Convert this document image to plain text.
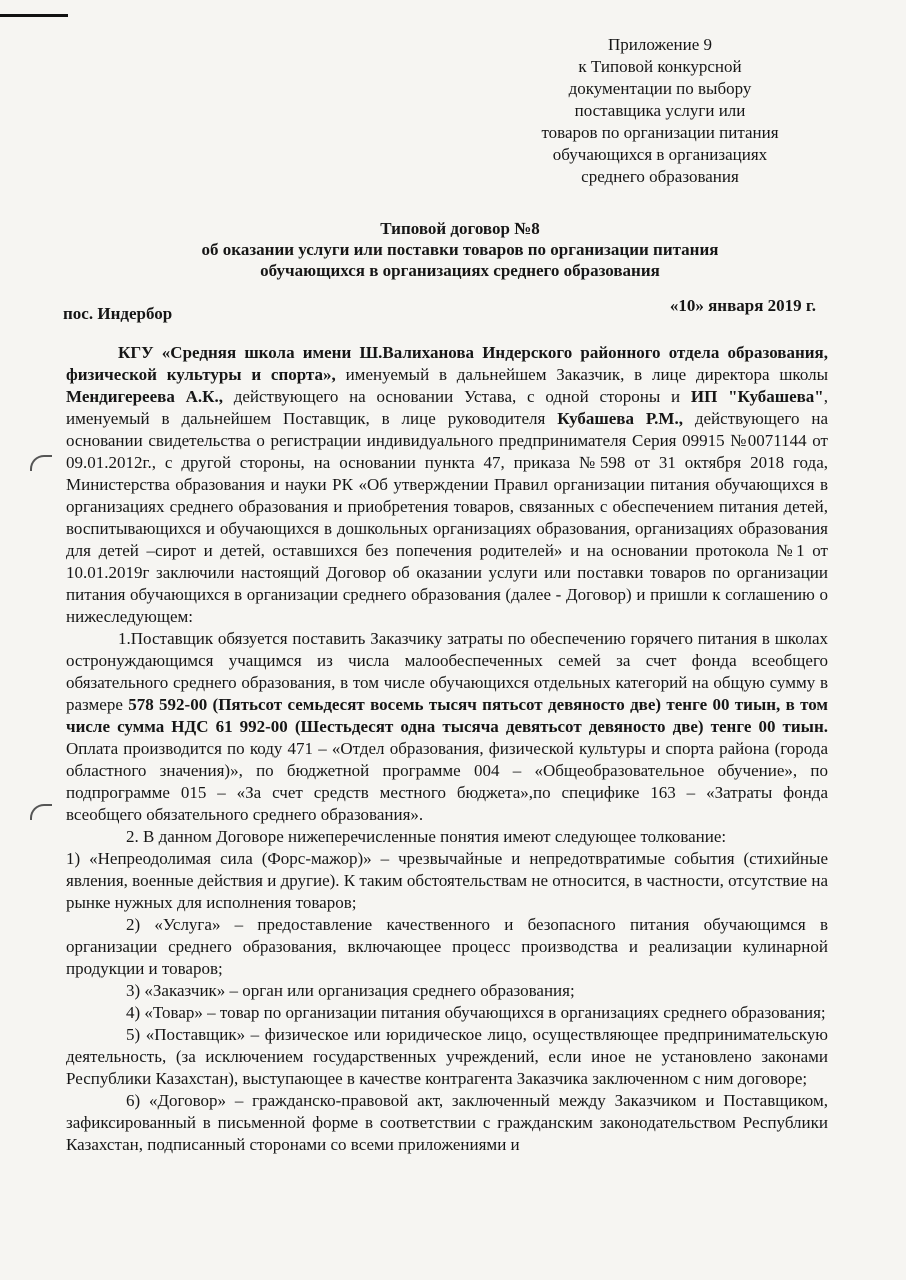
Приложение 9
к Типовой конкурсной
документации по выбору
поставщика услуги или
товаров по организации питания
обучающихся в организациях
среднего образования
Типовой договор №8
об оказании услуги или поставки товаров по организации питания
обучающихся в организациях среднего образования
пос. Индербор	«10» января 2019 г.

КГУ «Средняя школа имени Ш.Валиханова Индерского районного отдела образования, физической культуры и спорта», именуемый в дальнейшем Заказчик, в лице директора школы Мендигереева А.К., действующего на основании Устава, с одной стороны и ИП "Кубашева", именуемый в дальнейшем Поставщик, в лице руководителя Кубашева Р.М., действующего на основании свидетельства о регистрации индивидуального предпринимателя Серия 09915 №0071144 от 09.01.2012г., с другой стороны, на основании пункта 47, приказа №598 от 31 октября 2018 года, Министерства образования и науки РК «Об утверждении Правил организации питания обучающихся в организациях среднего образования и приобретения товаров, связанных с обеспечением питания детей, воспитывающихся и обучающихся в дошкольных организациях образования, организациях образования для детей –сирот и детей, оставшихся без попечения родителей» и на основании протокола №1 от 10.01.2019г заключили настоящий Договор об оказании услуги или поставки товаров по организации питания обучающихся в организации среднего образования (далее - Договор) и пришли к соглашению о нижеследующем:

1.Поставщик обязуется поставить Заказчику затраты по обеспечению горячего питания в школах остронуждающимся учащимся из числа малообеспеченных семей за счет фонда всеобщего обязательного среднего образования, в том числе обучающихся отдельных категорий на общую сумму в размере 578 592-00 (Пятьсот семьдесят восемь тысяч пятьсот девяносто две) тенге 00 тиын, в том числе сумма НДС 61 992-00 (Шестьдесят одна тысяча девятьсот девяносто две) тенге 00 тиын. Оплата производится по коду 471 – «Отдел образования, физической культуры и спорта района (города областного значения)», по бюджетной программе 004 – «Общеобразовательное обучение», по подпрограмме 015 – «За счет средств местного бюджета»,по специфике 163 – «Затраты фонда всеобщего обязательного среднего образования».

2. В данном Договоре нижеперечисленные понятия имеют следующее толкование:

1) «Непреодолимая сила (Форс-мажор)» – чрезвычайные и непредотвратимые события (стихийные явления, военные действия и другие). К таким обстоятельствам не относится, в частности, отсутствие на рынке нужных для исполнения товаров;

2) «Услуга» – предоставление качественного и безопасного питания обучающимся в организации среднего образования, включающее процесс производства и реализации кулинарной продукции и товаров;

3) «Заказчик» – орган или организация среднего образования;

4) «Товар» – товар по организации питания обучающихся в организациях среднего образования;

5) «Поставщик» – физическое или юридическое лицо, осуществляющее предпринимательскую деятельность, (за исключением государственных учреждений, если иное не установлено законами Республики Казахстан), выступающее в качестве контрагента Заказчика заключенном с ним договоре;

6) «Договор» – гражданско-правовой акт, заключенный между Заказчиком и Поставщиком, зафиксированный в письменной форме в соответствии с гражданским законодательством Республики Казахстан, подписанный сторонами со всеми приложениями и
